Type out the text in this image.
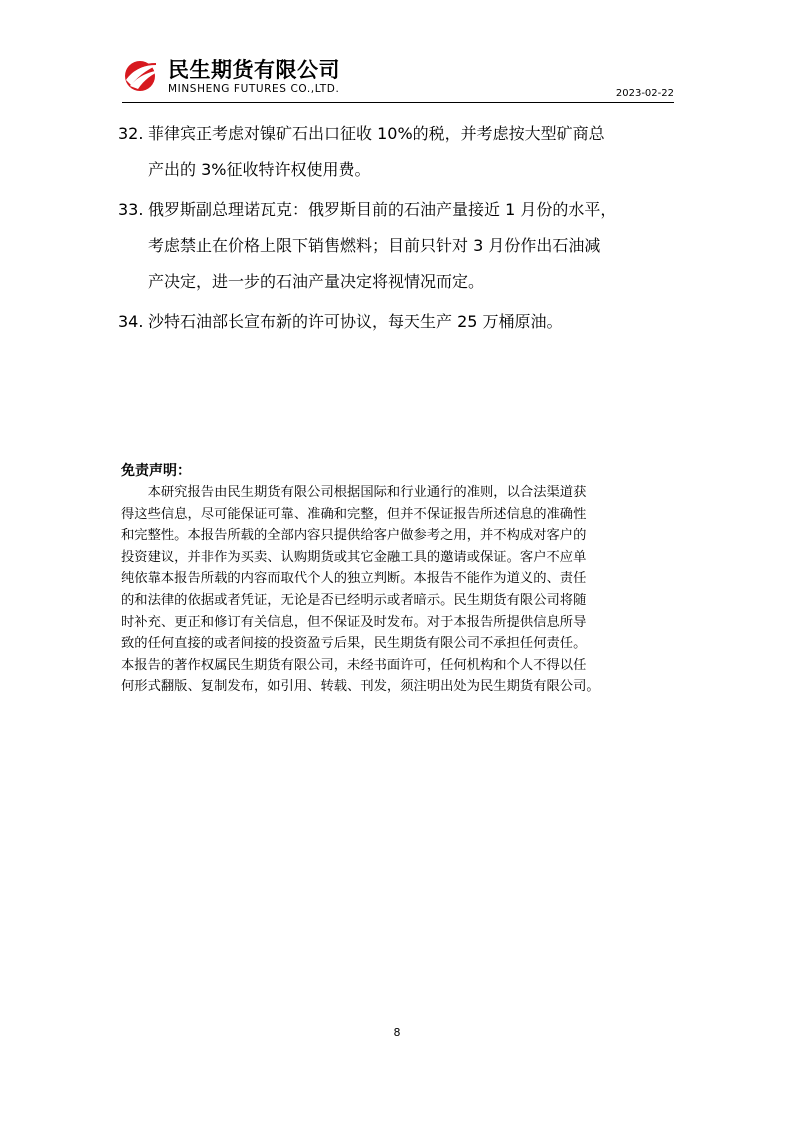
民生期货有限公司
MINSHENG FUTURES CO.,LTD.	2023-02-22
32. 菲律宾正考虑对镍矿石出口征收 10%的税，并考虑按大型矿商总
产出的 3%征收特许权使用费。
33. 俄罗斯副总理诺瓦克：俄罗斯目前的石油产量接近 1 月份的水平，
考虑禁止在价格上限下销售燃料；目前只针对 3 月份作出石油减
产决定，进一步的石油产量决定将视情况而定。
34. 沙特石油部长宣布新的许可协议，每天生产 25 万桶原油。
免责声明：
　　本研究报告由民生期货有限公司根据国际和行业通行的准则，以合法渠道获
得这些信息，尽可能保证可靠、准确和完整，但并不保证报告所述信息的准确性
和完整性。本报告所载的全部内容只提供给客户做参考之用，并不构成对客户的
投资建议，并非作为买卖、认购期货或其它金融工具的邀请或保证。客户不应单
纯依靠本报告所载的内容而取代个人的独立判断。本报告不能作为道义的、责任
的和法律的依据或者凭证，无论是否已经明示或者暗示。民生期货有限公司将随
时补充、更正和修订有关信息，但不保证及时发布。对于本报告所提供信息所导
致的任何直接的或者间接的投资盈亏后果，民生期货有限公司不承担任何责任。
本报告的著作权属民生期货有限公司，未经书面许可，任何机构和个人不得以任
何形式翻版、复制发布，如引用、转载、刊发，须注明出处为民生期货有限公司。
8
